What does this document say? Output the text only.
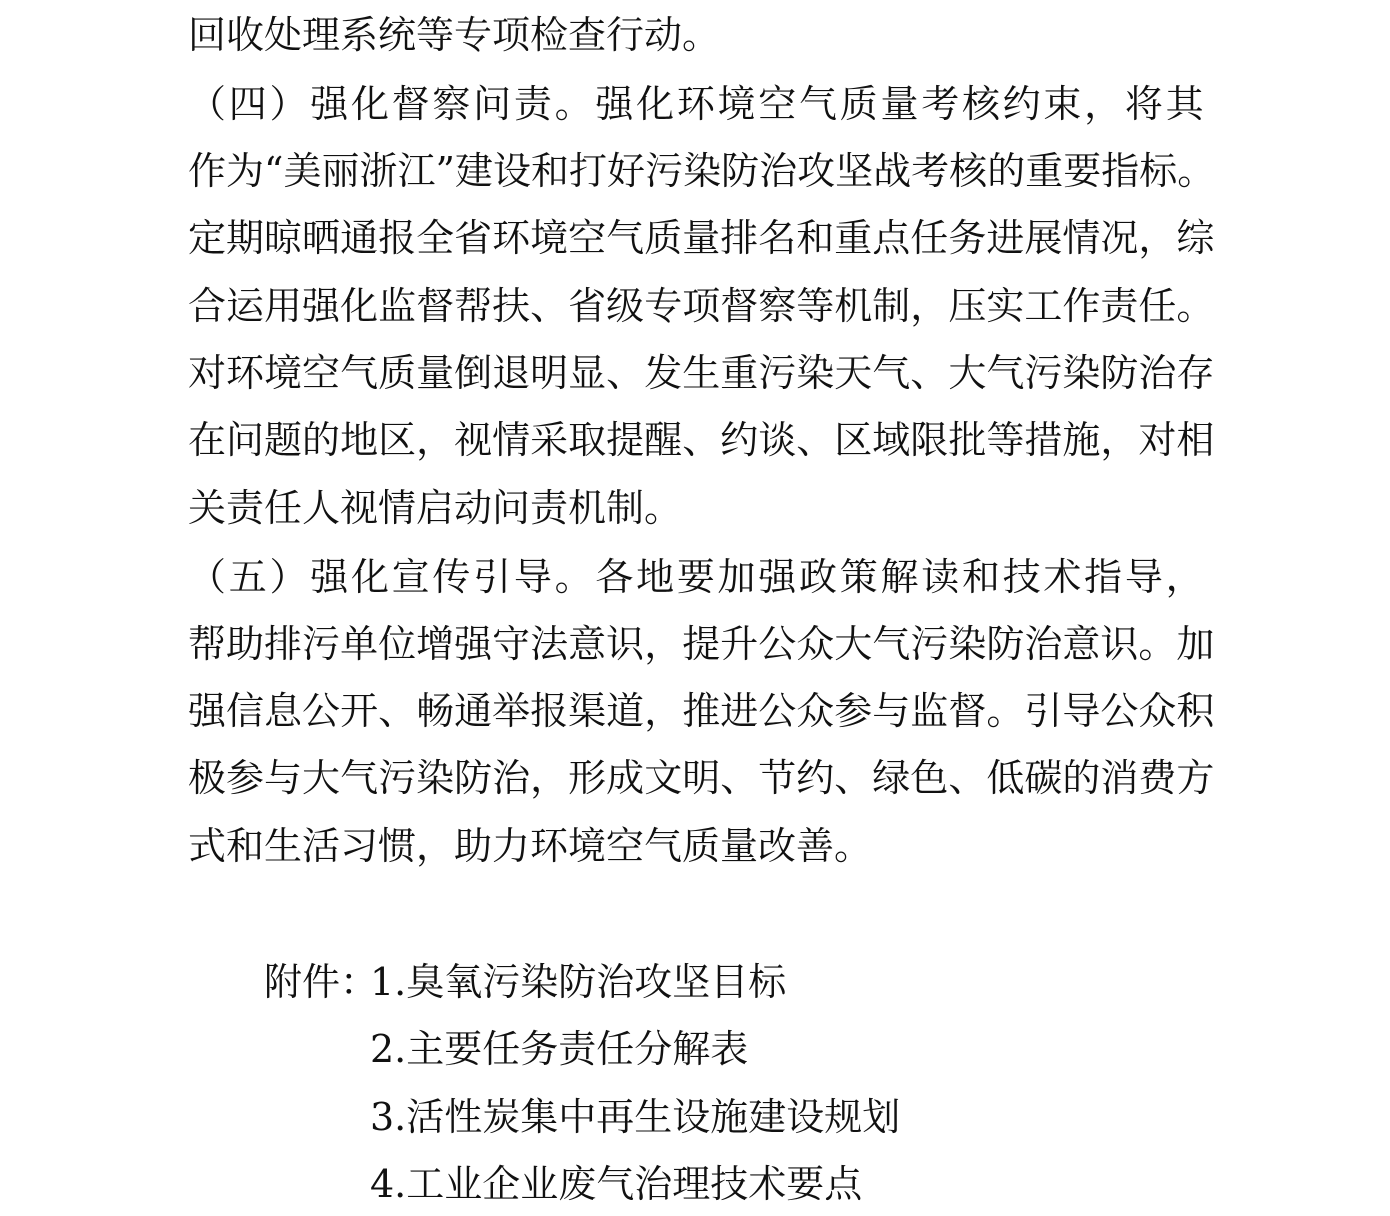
回收处理系统等专项检查行动。
（ 四 ） 强 化 督 察 问 责 。 强 化 环 境 空 气 质 量 考 核 约 束 ， 将 其
作 为 “ 美 丽 浙 江 ” 建 设 和 打 好 污 染 防 治 攻 坚 战 考 核 的 重 要 指 标 。
定 期 晾 晒 通 报 全 省 环 境 空 气 质 量 排 名 和 重 点 任 务 进 展 情 况 ， 综
合 运 用 强 化 监 督 帮 扶 、 省 级 专 项 督 察 等 机 制 ， 压 实 工 作 责 任 。
对 环 境 空 气 质 量 倒 退 明 显 、 发 生 重 污 染 天 气 、 大 气 污 染 防 治 存
在 问 题 的 地 区 ， 视 情 采 取 提 醒 、 约 谈 、 区 域 限 批 等 措 施 ， 对 相
关责任人视情启动问责机制。
（ 五 ） 强 化 宣 传 引 导 。 各 地 要 加 强 政 策 解 读 和 技 术 指 导 ，
帮 助 排 污 单 位 增 强 守 法 意 识 ， 提 升 公 众 大 气 污 染 防 治 意 识 。 加
强 信 息 公 开 、 畅 通 举 报 渠 道 ， 推 进 公 众 参 与 监 督 。 引 导 公 众 积
极 参 与 大 气 污 染 防 治 ， 形 成 文 明 、 节 约 、 绿 色 、 低 碳 的 消 费 方
式和生活习惯，助力环境空气质量改善。
附件：
1.臭氧污染防治攻坚目标
2.主要任务责任分解表
3.活性炭集中再生设施建设规划
4.工业企业废气治理技术要点
